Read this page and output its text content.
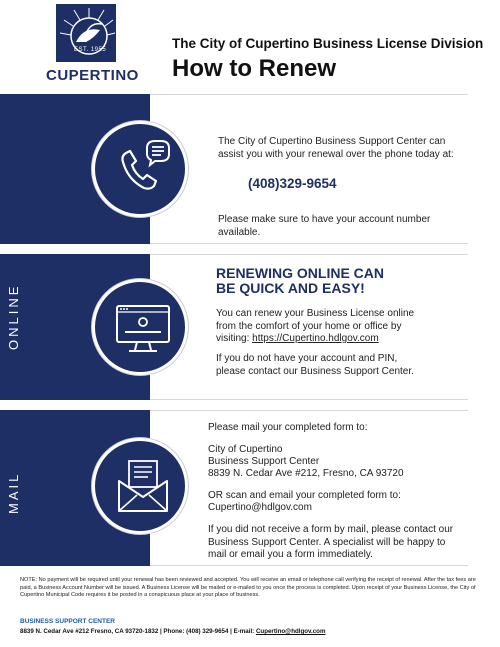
EST. 1955
CUPERTINO
The City of Cupertino Business License Division
How to Renew
The City of Cupertino Business Support Center can assist you with your renewal over the phone today at:
(408)329-9654
Please make sure to have your account number available.
ONLINE
RENEWING ONLINE CAN
BE QUICK AND EASY!
You can renew your Business License online from the comfort of your home or office by visiting: https://Cupertino.hdlgov.com
If you do not have your account and PIN, please contact our Business Support Center.
MAIL
Please mail your completed form to:
City of Cupertino
Business Support Center
8839 N. Cedar Ave #212, Fresno, CA 93720
OR scan and email your completed form to:
Cupertino@hdlgov.com
If you did not receive a form by mail, please contact our Business Support Center. A specialist will be happy to mail or email you a form immediately.
NOTE: No payment will be required until your renewal has been reviewed and accepted. You will receive an email or telephone call verifying the receipt of renewal. After the tax fees are paid, a Business Account Number will be issued. A Business License will be mailed or e-mailed to you once the process is completed. Upon receipt of your Business License, the City of Cupertino Municipal Code requires it be posted in a conspicuous place at your place of business.
BUSINESS SUPPORT CENTER
8839 N. Cedar Ave #212 Fresno, CA 93720-1832 | Phone: (408) 329-9654 | E-mail: Cupertino@hdlgov.com
